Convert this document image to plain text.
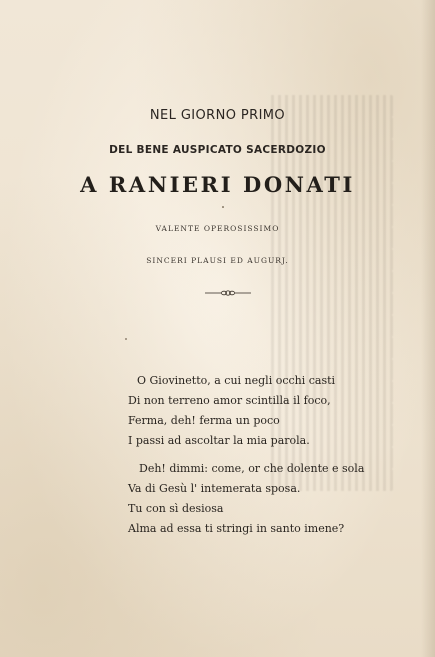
NEL GIORNO PRIMO
DEL BENE AUSPICATO SACERDOZIO
A RANIERI DONATI
VALENTE OPEROSISSIMO
SINCERI PLAUSI ED AUGURJ.
O Giovinetto, a cui negli occhi casti
Di non terreno amor scintilla il foco,
Ferma, deh! ferma un poco
I passi ad ascoltar la mia parola.
Deh! dimmi: come, or che dolente e sola
Va di Gesù l' intemerata sposa.
Tu con sì desiosa
Alma ad essa ti stringi in santo imene?
